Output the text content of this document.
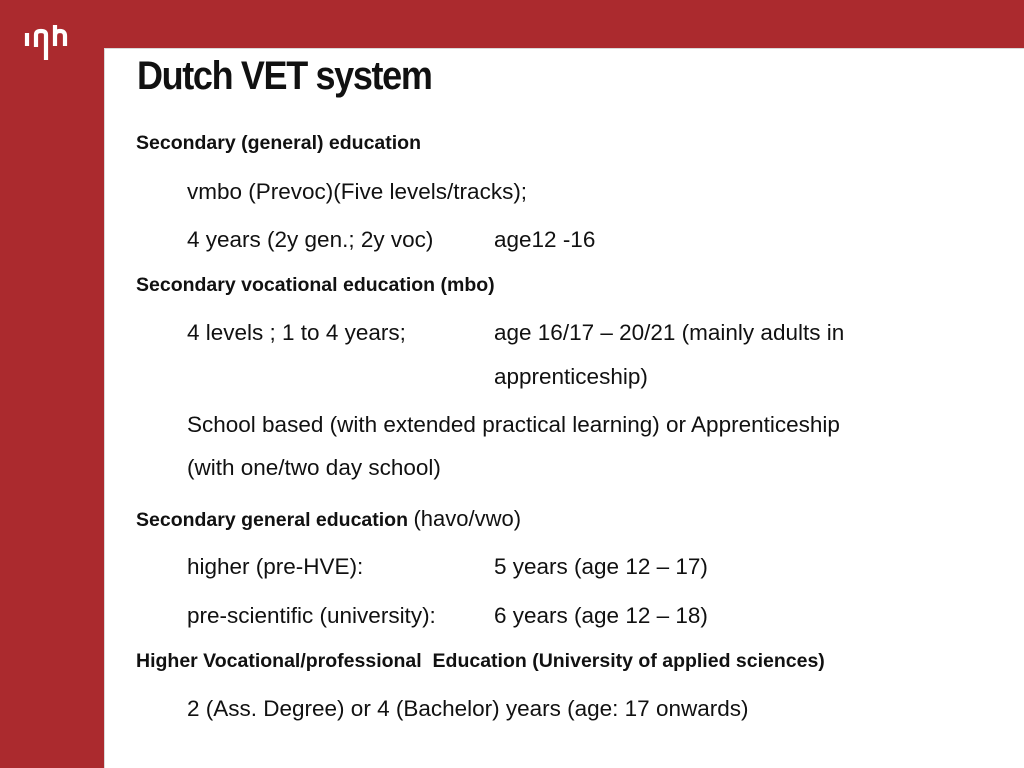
Dutch VET system
Secondary (general) education
vmbo (Prevoc)(Five levels/tracks);
4 years (2y gen.; 2y voc)	age12 -16
Secondary vocational education (mbo)
4 levels ; 1 to 4 years;	age 16/17 – 20/21 (mainly adults in
apprenticeship)
School based (with extended practical learning) or Apprenticeship
(with one/two day school)
Secondary general education (havo/vwo)
higher (pre-HVE):	5 years (age 12 – 17)
pre-scientific (university):	6 years (age 12 – 18)
Higher Vocational/professional  Education (University of applied sciences)
2 (Ass. Degree) or 4 (Bachelor) years (age: 17 onwards)
